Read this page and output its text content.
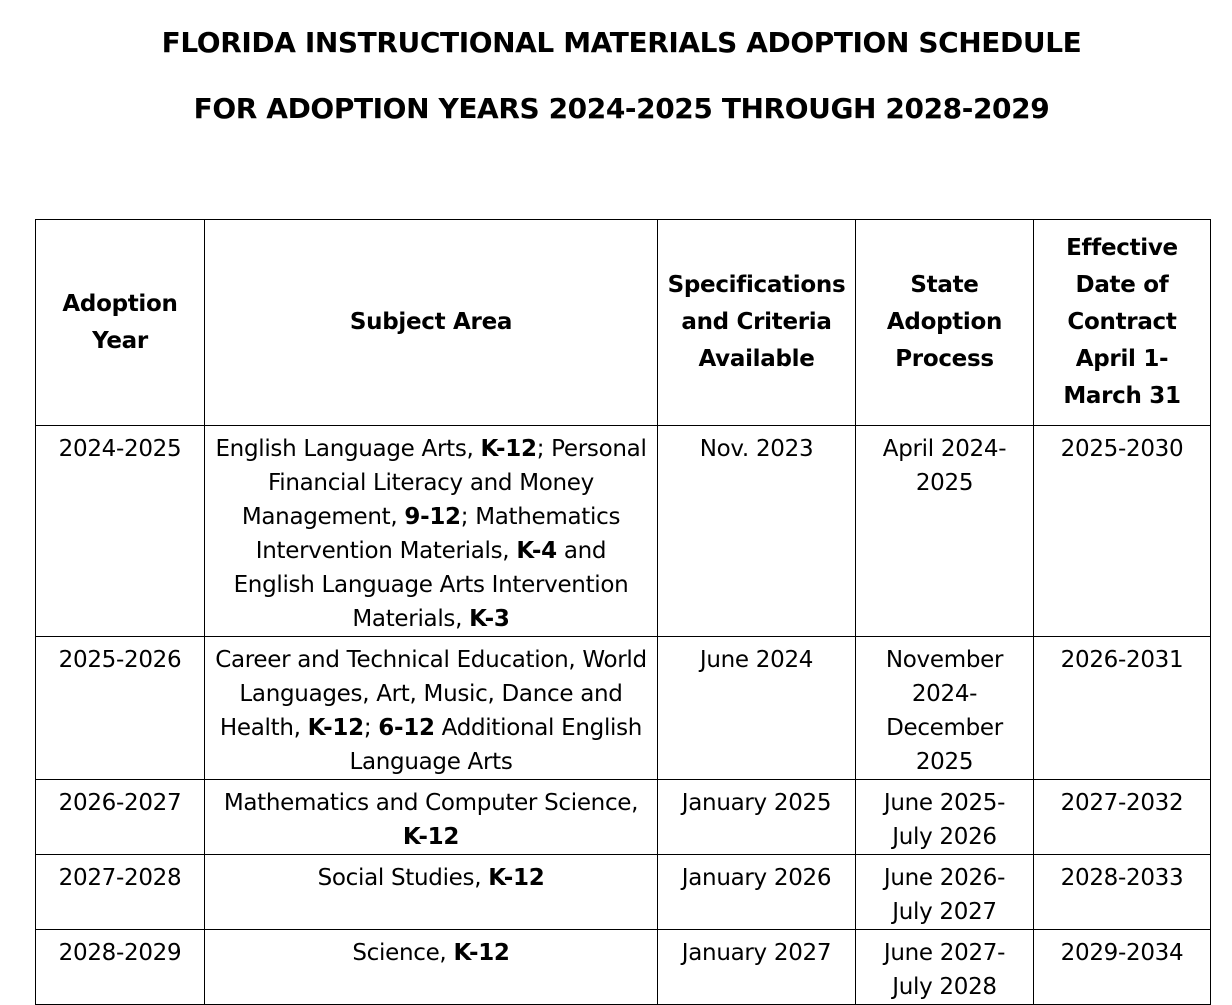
FLORIDA INSTRUCTIONAL MATERIALS ADOPTION SCHEDULE
FOR ADOPTION YEARS 2024-2025 THROUGH 2028-2029
Adoption Year	Subject Area	Specifications and Criteria Available	State Adoption Process	Effective Date of Contract April 1-March 31
2024-2025	English Language Arts, K-12; Personal Financial Literacy and Money Management, 9-12; Mathematics Intervention Materials, K-4 and English Language Arts Intervention Materials, K-3	Nov. 2023	April 2024-2025	2025-2030
2025-2026	Career and Technical Education, World Languages, Art, Music, Dance and Health, K-12; 6-12 Additional English Language Arts	June 2024	November 2024-December 2025	2026-2031
2026-2027	Mathematics and Computer Science, K-12	January 2025	June 2025-July 2026	2027-2032
2027-2028	Social Studies, K-12	January 2026	June 2026-July 2027	2028-2033
2028-2029	Science, K-12	January 2027	June 2027-July 2028	2029-2034
